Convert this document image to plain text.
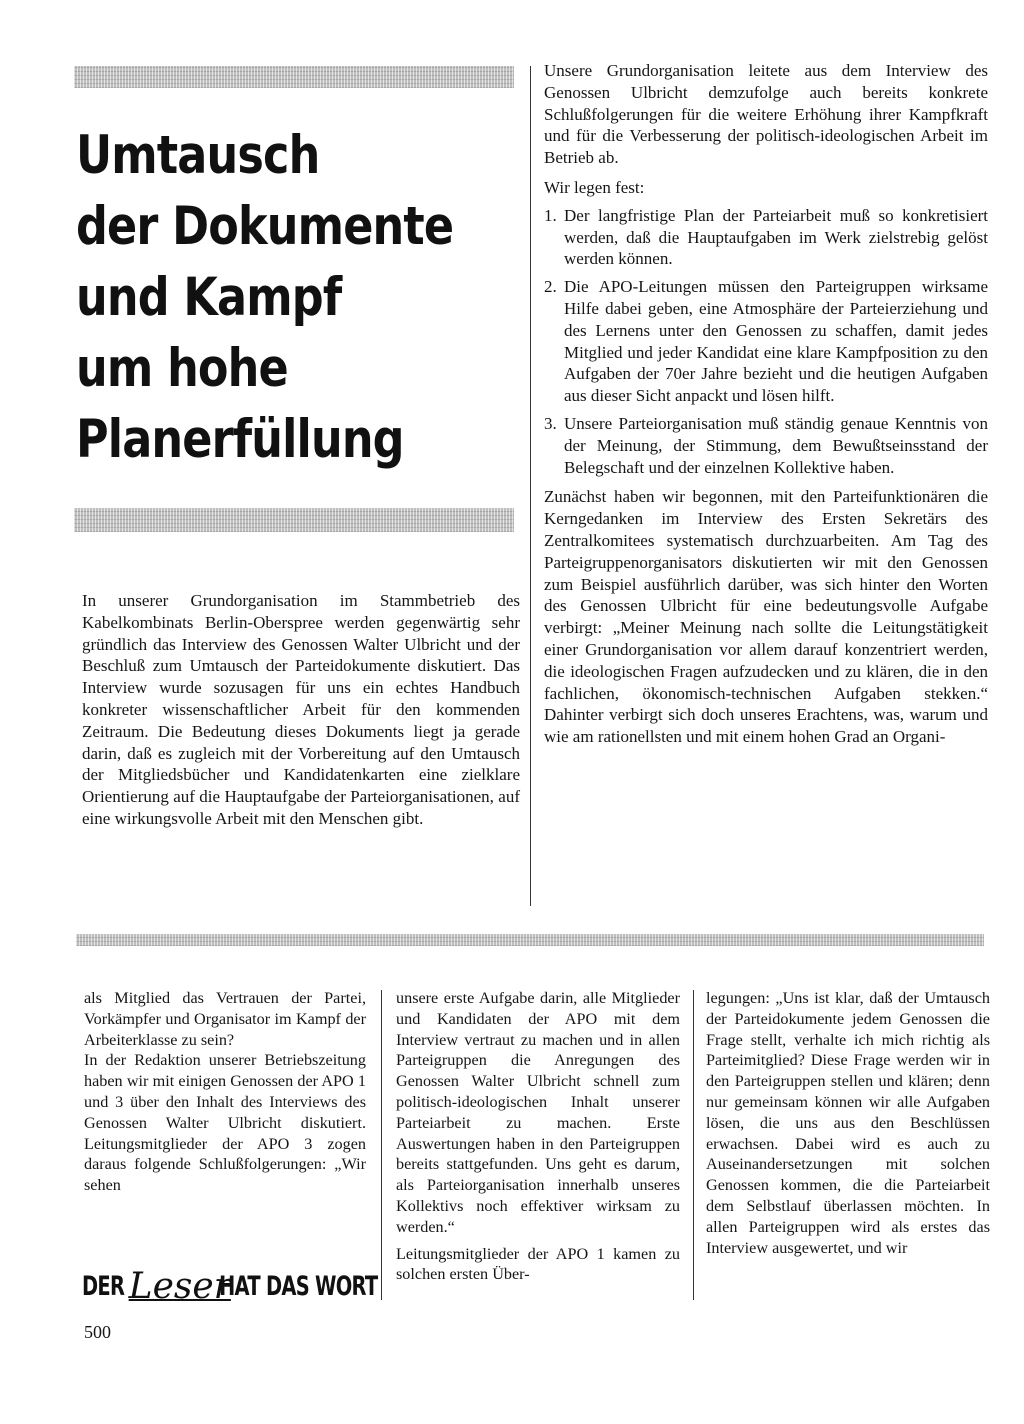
Umtausch
der Dokumente
und Kampf
um hohe
Planerfüllung

In unserer Grundorganisation im Stammbetrieb des Kabelkombinats Berlin-Oberspree werden gegenwärtig sehr gründlich das Interview des Genossen Walter Ulbricht und der Beschluß zum Umtausch der Parteidokumente diskutiert. Das Interview wurde sozusagen für uns ein echtes Handbuch konkreter wissenschaftlicher Arbeit für den kommenden Zeitraum. Die Bedeutung dieses Dokuments liegt ja gerade darin, daß es zugleich mit der Vorbereitung auf den Umtausch der Mitgliedsbücher und Kandidatenkarten eine zielklare Orientierung auf die Hauptaufgabe der Parteiorganisationen, auf eine wirkungsvolle Arbeit mit den Menschen gibt.

Unsere Grundorganisation leitete aus dem Interview des Genossen Ulbricht demzufolge auch bereits konkrete Schlußfolgerungen für die weitere Erhöhung ihrer Kampfkraft und für die Verbesserung der politisch-ideologischen Arbeit im Betrieb ab.

Wir legen fest:

1. Der langfristige Plan der Parteiarbeit muß so konkretisiert werden, daß die Hauptaufgaben im Werk zielstrebig gelöst werden können.
2. Die APO-Leitungen müssen den Parteigruppen wirksame Hilfe dabei geben, eine Atmosphäre der Parteierziehung und des Lernens unter den Genossen zu schaffen, damit jedes Mitglied und jeder Kandidat eine klare Kampfposition zu den Aufgaben der 70er Jahre bezieht und die heutigen Aufgaben aus dieser Sicht anpackt und lösen hilft.
3. Unsere Parteiorganisation muß ständig genaue Kenntnis von der Meinung, der Stimmung, dem Bewußtseinsstand der Belegschaft und der einzelnen Kollektive haben.

Zunächst haben wir begonnen, mit den Parteifunktionären die Kerngedanken im Interview des Ersten Sekretärs des Zentralkomitees systematisch durchzuarbeiten. Am Tag des Parteigruppenorganisators diskutierten wir mit den Genossen zum Beispiel ausführlich darüber, was sich hinter den Worten des Genossen Ulbricht für eine bedeutungsvolle Aufgabe verbirgt: „Meiner Meinung nach sollte die Leitungstätigkeit einer Grundorganisation vor allem darauf konzentriert werden, die ideologischen Fragen aufzudecken und zu klären, die in den fachlichen, ökonomisch-technischen Aufgaben stekken.“ Dahinter verbirgt sich doch unseres Erachtens, was, warum und wie am rationellsten und mit einem hohen Grad an Organi-

als Mitglied das Vertrauen der Partei, Vorkämpfer und Organisator im Kampf der Arbeiterklasse zu sein?

In der Redaktion unserer Betriebszeitung haben wir mit einigen Genossen der APO 1 und 3 über den Inhalt des Interviews des Genossen Walter Ulbricht diskutiert. Leitungsmitglieder der APO 3 zogen daraus folgende Schlußfolgerungen: „Wir sehen

DER Leser
HAT DAS WORT

unsere erste Aufgabe darin, alle Mitglieder und Kandidaten der APO mit dem Interview vertraut zu machen und in allen Parteigruppen die Anregungen des Genossen Walter Ulbricht schnell zum politisch-ideologischen Inhalt unserer Parteiarbeit zu machen. Erste Auswertungen haben in den Parteigruppen bereits stattgefunden. Uns geht es darum, als Parteiorganisation innerhalb unseres Kollektivs noch effektiver wirksam zu werden.“

Leitungsmitglieder der APO 1 kamen zu solchen ersten Über-

legungen: „Uns ist klar, daß der Umtausch der Parteidokumente jedem Genossen die Frage stellt, verhalte ich mich richtig als Parteimitglied? Diese Frage werden wir in den Parteigruppen stellen und klären; denn nur gemeinsam können wir alle Aufgaben lösen, die uns aus den Beschlüssen erwachsen. Dabei wird es auch zu Auseinandersetzungen mit solchen Genossen kommen, die die Parteiarbeit dem Selbstlauf überlassen möchten. In allen Parteigruppen wird als erstes das Interview ausgewertet, und wir

500
